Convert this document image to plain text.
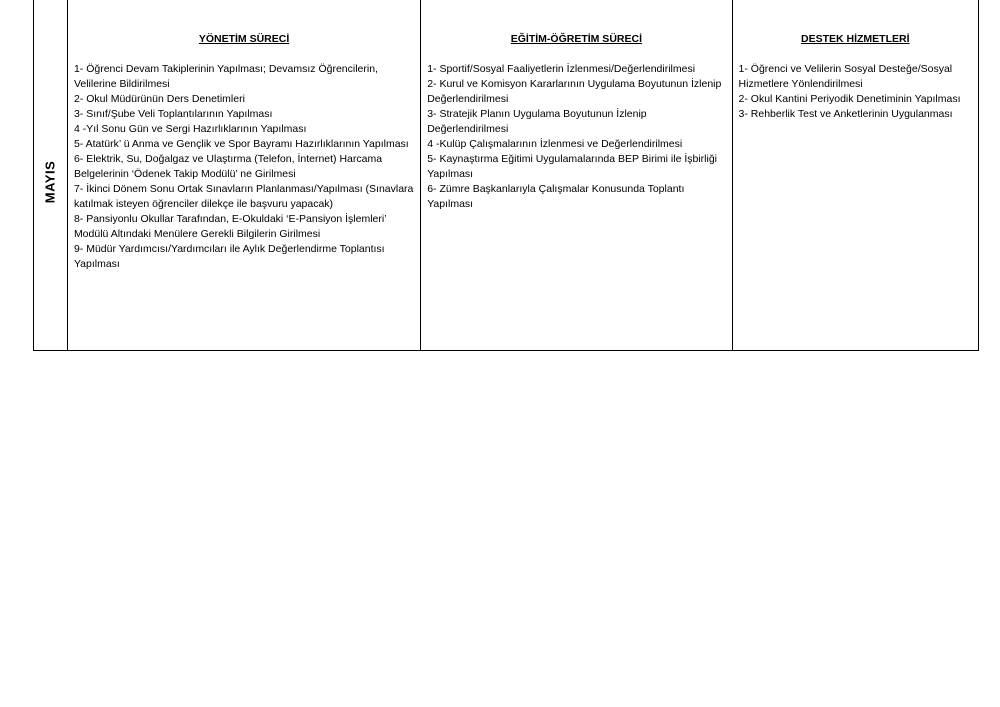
MAYIS
YÖNETİM SÜRECİ
1- Öğrenci Devam Takiplerinin Yapılması; Devamsız Öğrencilerin, Velilerine Bildirilmesi
2- Okul Müdürünün Ders Denetimleri
3- Sınıf/Şube Veli Toplantılarının Yapılması
4 -Yıl Sonu Gün ve Sergi Hazırlıklarının Yapılması
5- Atatürk’ ü Anma ve Gençlik ve Spor Bayramı Hazırlıklarının Yapılması
6- Elektrik, Su, Doğalgaz ve Ulaştırma (Telefon, İnternet) Harcama Belgelerinin ‘Ödenek Takip Modülü’ ne Girilmesi
7- İkinci Dönem Sonu Ortak Sınavların Planlanması/Yapılması (Sınavlara katılmak isteyen öğrenciler dilekçe ile başvuru yapacak)
8- Pansiyonlu Okullar Tarafından, E-Okuldaki ‘E-Pansiyon İşlemleri’ Modülü Altındaki Menülere Gerekli Bilgilerin Girilmesi
9- Müdür Yardımcısı/Yardımcıları ile Aylık Değerlendirme Toplantısı Yapılması
EĞİTİM-ÖĞRETİM SÜRECİ
1- Sportif/Sosyal Faaliyetlerin İzlenmesi/Değerlendirilmesi
2- Kurul ve Komisyon Kararlarının Uygulama Boyutunun İzlenip Değerlendirilmesi
3- Stratejik Planın Uygulama Boyutunun İzlenip Değerlendirilmesi
4 -Kulüp Çalışmalarının İzlenmesi ve Değerlendirilmesi
5- Kaynaştırma Eğitimi Uygulamalarında BEP Birimi ile İşbirliği Yapılması
6- Zümre Başkanlarıyla Çalışmalar Konusunda Toplantı Yapılması
DESTEK HİZMETLERİ
1- Öğrenci ve Velilerin Sosyal Desteğe/Sosyal Hizmetlere Yönlendirilmesi
2- Okul Kantini Periyodik Denetiminin Yapılması
3- Rehberlik Test ve Anketlerinin Uygulanması
